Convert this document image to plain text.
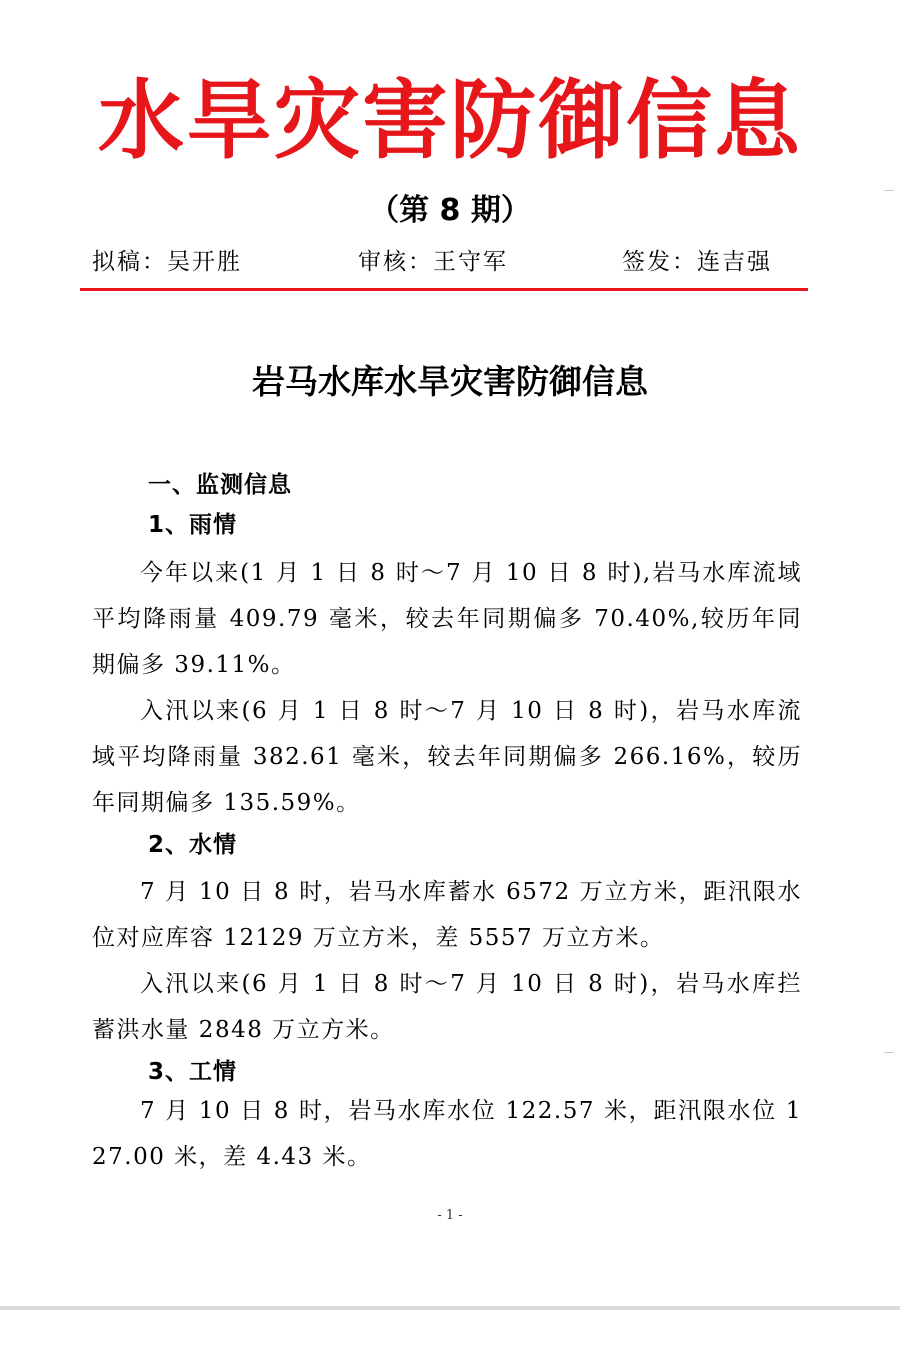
水旱灾害防御信息
（第 8 期）
拟稿：吴开胜	审核：王守军	签发：连吉强
岩马水库水旱灾害防御信息
一、监测信息
1、雨情
今年以来(1 月 1 日 8 时～7 月 10 日 8 时),岩马水库流域平均降雨量 409.79 毫米，较去年同期偏多 70.40%,较历年同期偏多 39.11%。
入汛以来(6 月 1 日 8 时～7 月 10 日 8 时)，岩马水库流域平均降雨量 382.61 毫米，较去年同期偏多 266.16%，较历年同期偏多 135.59%。
2、水情
7 月 10 日 8 时，岩马水库蓄水 6572 万立方米，距汛限水位对应库容 12129 万立方米，差 5557 万立方米。
入汛以来(6 月 1 日 8 时～7 月 10 日 8 时)，岩马水库拦蓄洪水量 2848 万立方米。
3、工情
7 月 10 日 8 时，岩马水库水位 122.57 米，距汛限水位 127.00 米，差 4.43 米。
- 1 -
